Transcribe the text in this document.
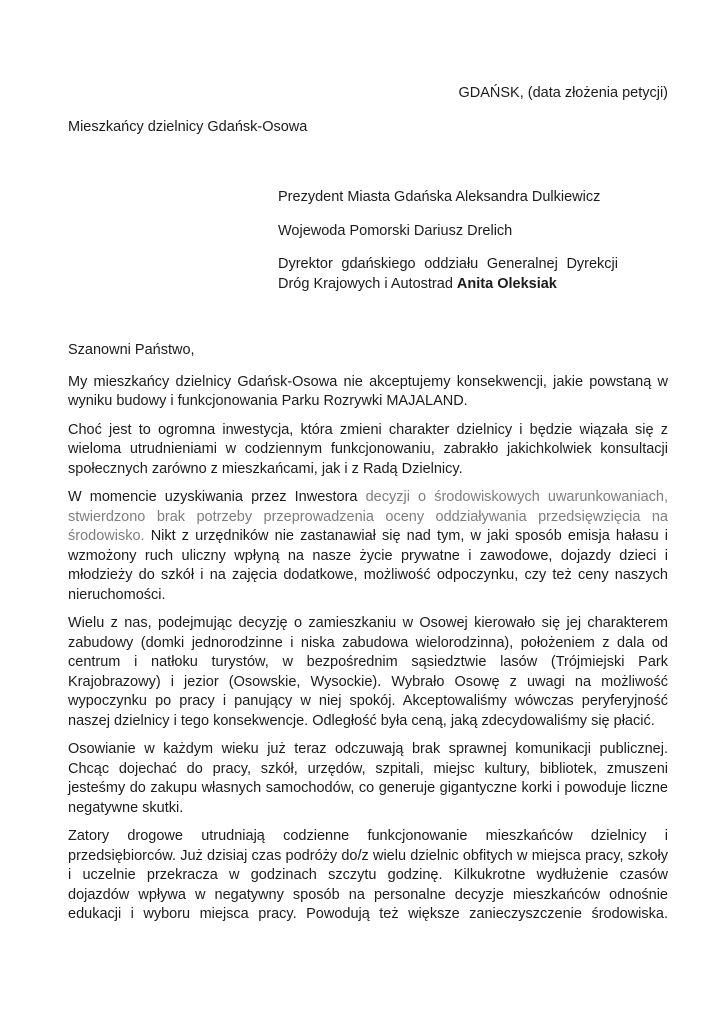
GDAŃSK, (data złożenia petycji)
Mieszkańcy dzielnicy Gdańsk-Osowa
Prezydent Miasta Gdańska Aleksandra Dulkiewicz
Wojewoda Pomorski Dariusz Drelich
Dyrektor gdańskiego oddziału Generalnej Dyrekcji Dróg Krajowych i Autostrad Anita Oleksiak
Szanowni Państwo,

My mieszkańcy dzielnicy Gdańsk-Osowa nie akceptujemy konsekwencji, jakie powstaną w wyniku budowy i funkcjonowania Parku Rozrywki MAJALAND.

Choć jest to ogromna inwestycja, która zmieni charakter dzielnicy i będzie wiązała się z wieloma utrudnieniami w codziennym funkcjonowaniu, zabrakło jakichkolwiek konsultacji społecznych zarówno z mieszkańcami, jak i z Radą Dzielnicy.

W momencie uzyskiwania przez Inwestora decyzji o środowiskowych uwarunkowaniach, stwierdzono brak potrzeby przeprowadzenia oceny oddziaływania przedsięwzięcia na środowisko. Nikt z urzędników nie zastanawiał się nad tym, w jaki sposób emisja hałasu i wzmożony ruch uliczny wpłyną na nasze życie prywatne i zawodowe, dojazdy dzieci i młodzieży do szkół i na zajęcia dodatkowe, możliwość odpoczynku, czy też ceny naszych nieruchomości.

Wielu z nas, podejmując decyzję o zamieszkaniu w Osowej kierowało się jej charakterem zabudowy (domki jednorodzinne i niska zabudowa wielorodzinna), położeniem z dala od centrum i natłoku turystów, w bezpośrednim sąsiedztwie lasów (Trójmiejski Park Krajobrazowy) i jezior (Osowskie, Wysockie). Wybrało Osowę z uwagi na możliwość wypoczynku po pracy i panujący w niej spokój. Akceptowaliśmy wówczas peryferyjność naszej dzielnicy i tego konsekwencje. Odległość była ceną, jaką zdecydowaliśmy się płacić.

Osowianie w każdym wieku już teraz odczuwają brak sprawnej komunikacji publicznej. Chcąc dojechać do pracy, szkół, urzędów, szpitali, miejsc kultury, bibliotek, zmuszeni jesteśmy do zakupu własnych samochodów, co generuje gigantyczne korki i powoduje liczne negatywne skutki.

Zatory drogowe utrudniają codzienne funkcjonowanie mieszkańców dzielnicy i przedsiębiorców. Już dzisiaj czas podróży do/z wielu dzielnic obfitych w miejsca pracy, szkoły i uczelnie przekracza w godzinach szczytu godzinę. Kilkukrotne wydłużenie czasów dojazdów wpływa w negatywny sposób na personalne decyzje mieszkańców odnośnie edukacji i wyboru miejsca pracy. Powodują też większe zanieczyszczenie środowiska.
